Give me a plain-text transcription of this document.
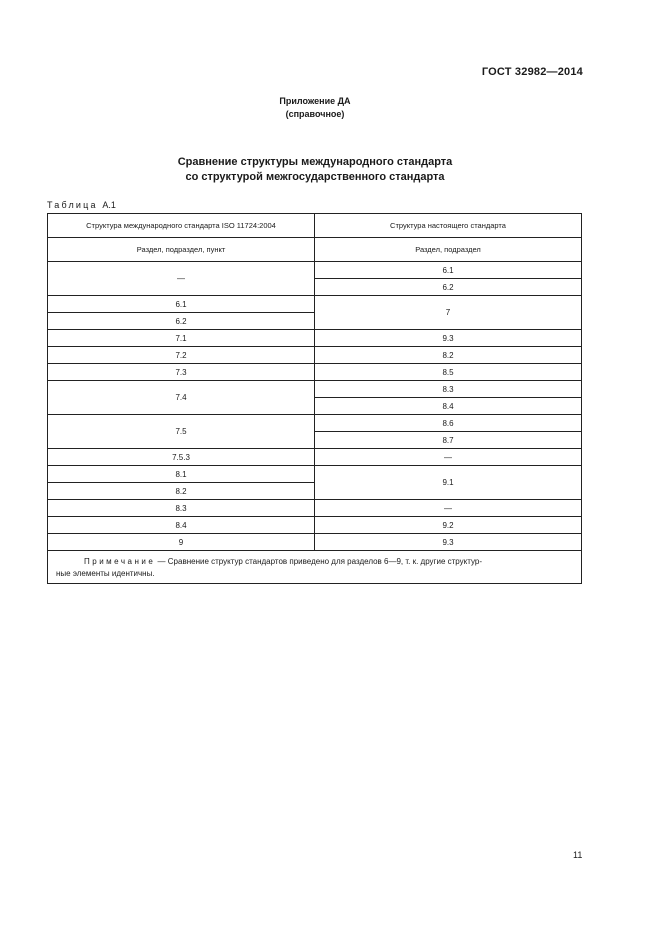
ГОСТ 32982—2014
Приложение ДА
(справочное)
Сравнение структуры международного стандарта
со структурой межгосударственного стандарта
Таблица А.1
Структура международного стандарта ISO 11724:2004	Структура настоящего стандарта
Раздел, подраздел, пункт	Раздел, подраздел
—	6.1
	6.2
6.1	7
6.2	
7.1	9.3
7.2	8.2
7.3	8.5
7.4	8.3
	8.4
7.5	8.6
	8.7
7.5.3	—
8.1	9.1
8.2	
8.3	—
8.4	9.2
9	9.3
Примечание — Сравнение структур стандартов приведено для разделов 6—9, т. к. другие структур-
ные элементы идентичны.	
11
